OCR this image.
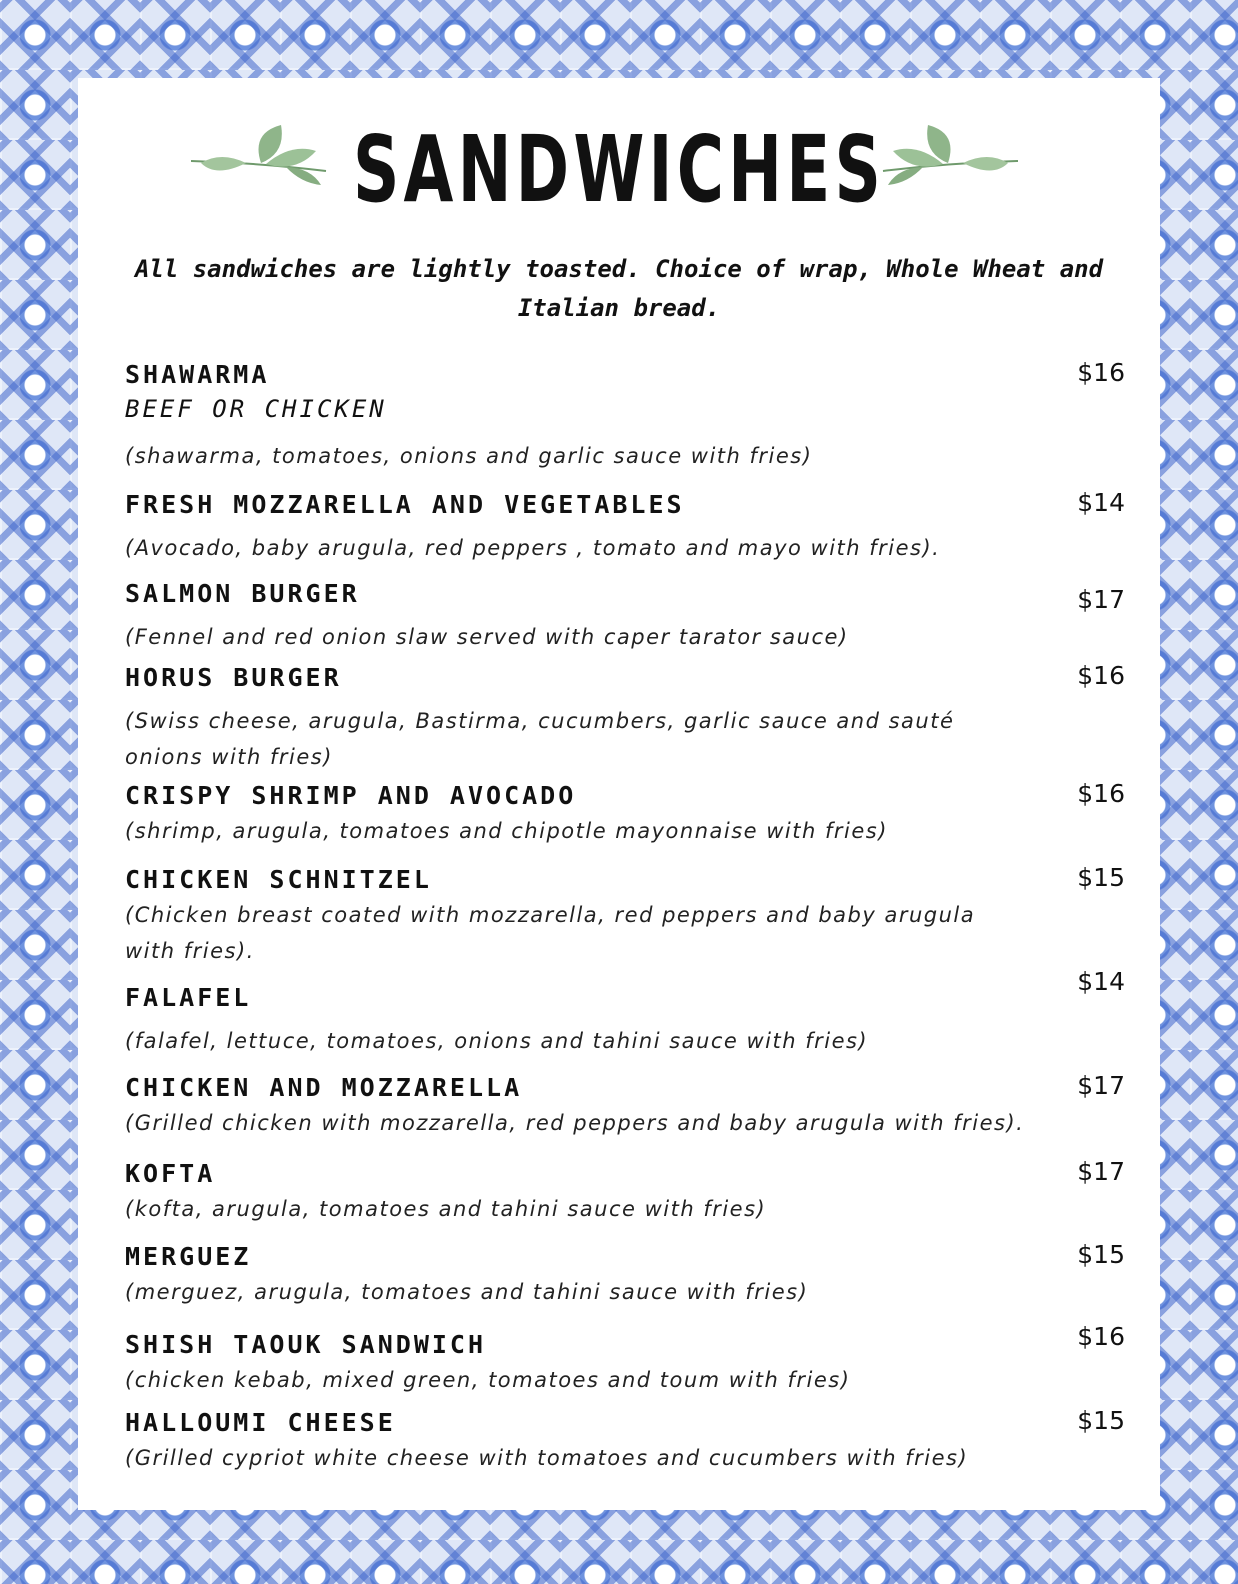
SANDWICHES
All sandwiches are lightly toasted. Choice of wrap, Whole Wheat and Italian bread.
SHAWARMA
BEEF OR CHICKEN
(shawarma, tomatoes, onions and garlic sauce with fries)
$16
FRESH MOZZARELLA AND VEGETABLES
(Avocado, baby arugula, red peppers , tomato and mayo with fries).
$14
SALMON BURGER
(Fennel and red onion slaw served with caper tarator sauce)
$17
HORUS BURGER
(Swiss cheese, arugula, Bastirma, cucumbers, garlic sauce and sauté onions with fries)
$16
CRISPY SHRIMP AND AVOCADO
(shrimp, arugula, tomatoes and chipotle mayonnaise with fries)
$16
CHICKEN SCHNITZEL
(Chicken breast coated with mozzarella, red peppers and baby arugula with fries).
$15
FALAFEL
(falafel, lettuce, tomatoes, onions and tahini sauce with fries)
$14
CHICKEN AND MOZZARELLA
(Grilled chicken with mozzarella, red peppers and baby arugula with fries).
$17
KOFTA
(kofta, arugula, tomatoes and tahini sauce with fries)
$17
MERGUEZ
(merguez, arugula, tomatoes and tahini sauce with fries)
$15
SHISH TAOUK SANDWICH
(chicken kebab, mixed green, tomatoes and toum with fries)
$16
HALLOUMI CHEESE
(Grilled cypriot white cheese with tomatoes and cucumbers with fries)
$15
